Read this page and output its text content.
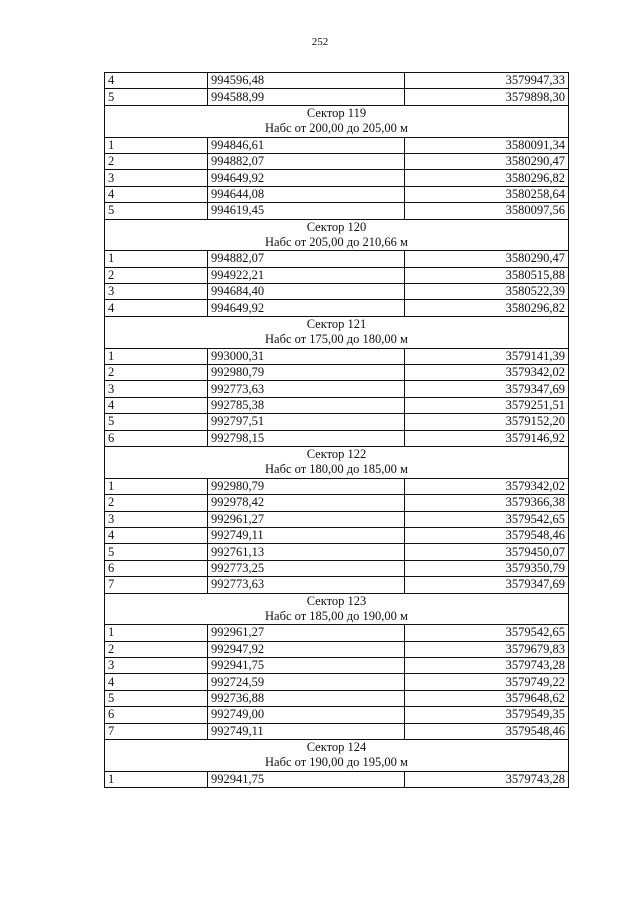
252
4	994596,48	3579947,33
5	994588,99	3579898,30

Сектор 119
Набс от 200,00 до 205,00 м		

1	994846,61	3580091,34
2	994882,07	3580290,47
3	994649,92	3580296,82
4	994644,08	3580258,64
5	994619,45	3580097,56

Сектор 120
Набс от 205,00 до 210,66 м		

1	994882,07	3580290,47
2	994922,21	3580515,88
3	994684,40	3580522,39
4	994649,92	3580296,82

Сектор 121
Набс от 175,00 до 180,00 м		

1	993000,31	3579141,39
2	992980,79	3579342,02
3	992773,63	3579347,69
4	992785,38	3579251,51
5	992797,51	3579152,20
6	992798,15	3579146,92

Сектор 122
Набс от 180,00 до 185,00 м		

1	992980,79	3579342,02
2	992978,42	3579366,38
3	992961,27	3579542,65
4	992749,11	3579548,46
5	992761,13	3579450,07
6	992773,25	3579350,79
7	992773,63	3579347,69

Сектор 123
Набс от 185,00 до 190,00 м		

1	992961,27	3579542,65
2	992947,92	3579679,83
3	992941,75	3579743,28
4	992724,59	3579749,22
5	992736,88	3579648,62
6	992749,00	3579549,35
7	992749,11	3579548,46

Сектор 124
Набс от 190,00 до 195,00 м		

1	992941,75	3579743,28
